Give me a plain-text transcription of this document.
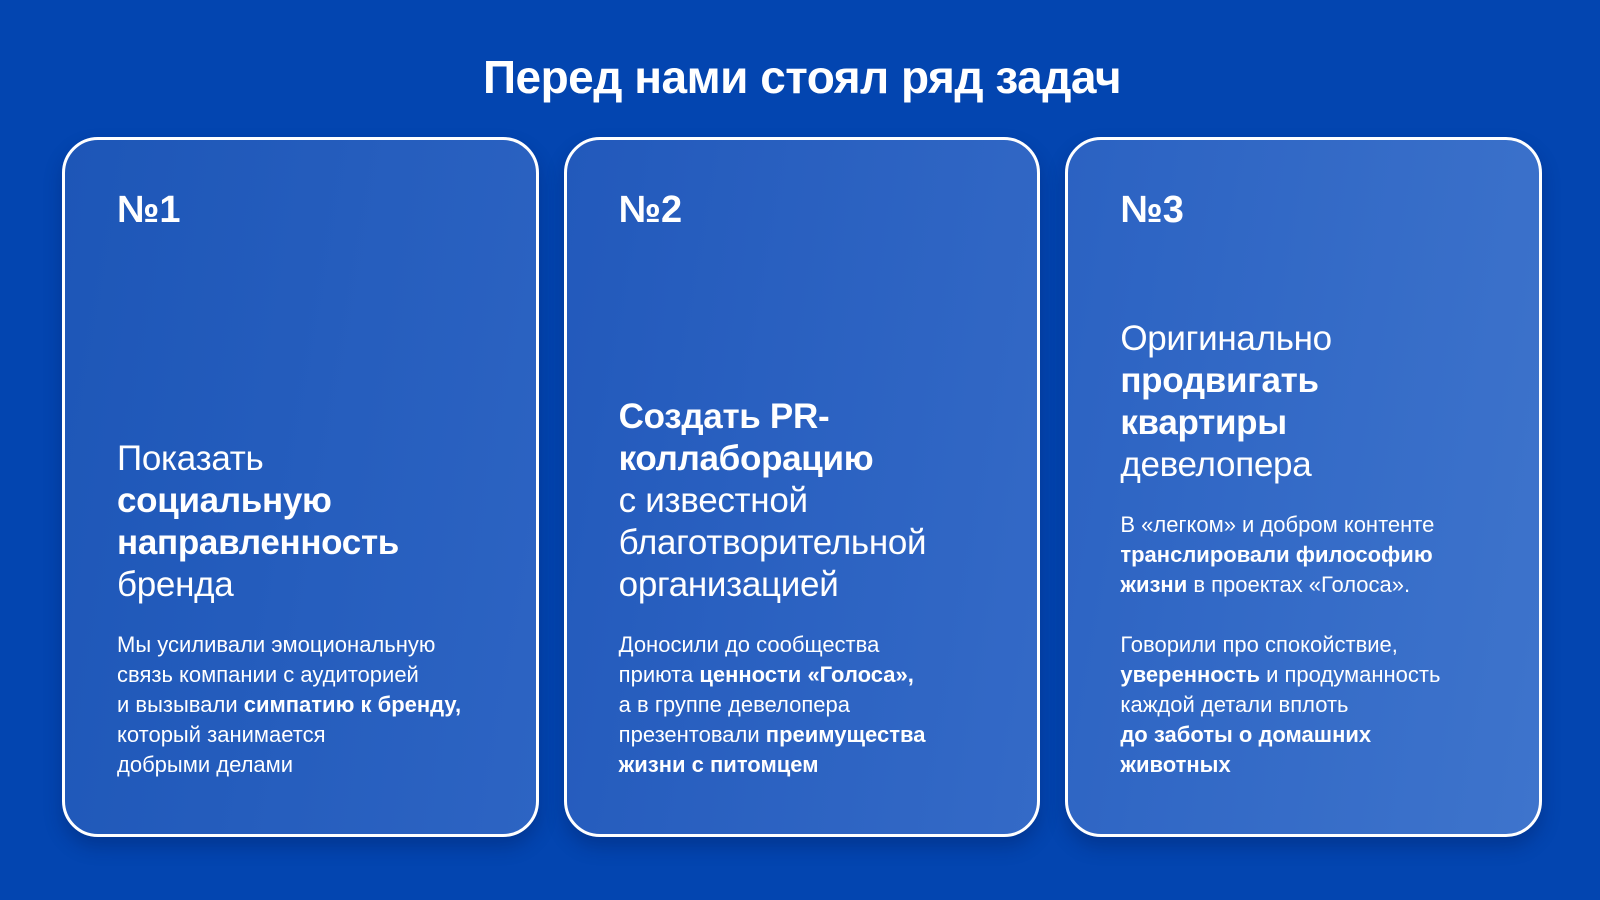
Перед нами стоял ряд задач
№1
Показать
социальную
направленность
бренда

Мы усиливали эмоциональную
связь компании с аудиторией
и вызывали симпатию к бренду,
который занимается
добрыми делами

№2
Создать PR-
коллаборацию
с известной
благотворительной
организацией

Доносили до сообщества
приюта ценности «Голоса»,
а в группе девелопера
презентовали преимущества
жизни с питомцем

№3
Оригинально
продвигать
квартиры
девелопера

В «легком» и добром контенте
транслировали философию
жизни в проектах «Голоса».

Говорили про спокойствие,
уверенность и продуманность
каждой детали вплоть
до заботы о домашних
животных
